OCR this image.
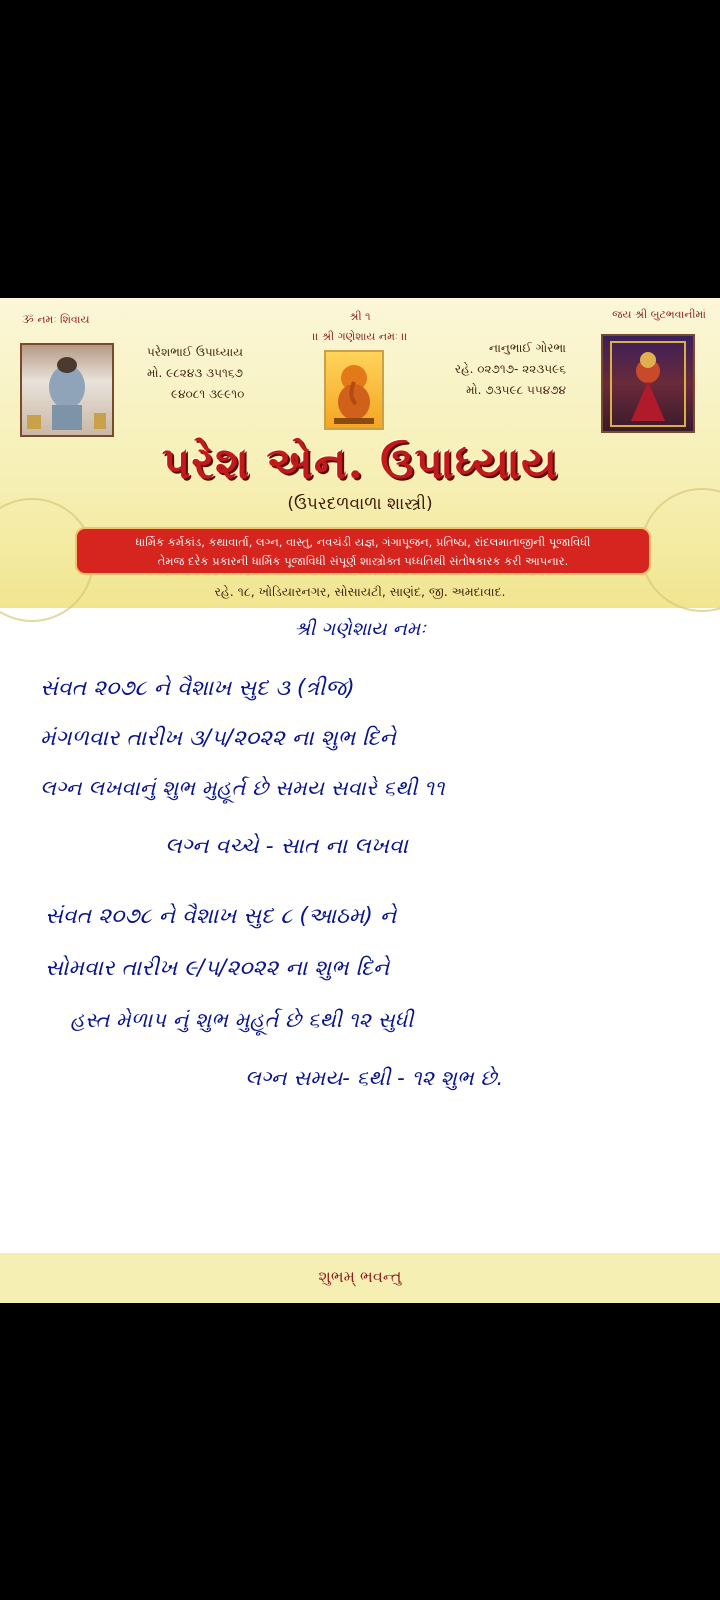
ૐ નમઃ શિવાય	શ્રી ૧
।। શ્રી ગણેશાય નમઃ ।।
જય શ્રી બુટભવાનીમાં
પરેશભાઈ ઉપાધ્યાય
મો. ૯૮૨૪૩ ૩૫૧૬૭
૯૪૦૮૧ ૩૯૯૧૦
નાનુભાઈ ગોરભા
રહે. ૦૨૭૧૭- ૨૨૩૫૯૬
મો. ૭૩૫૯૮ ૫૫૪૭૪
પરેશ એન. ઉપાધ્યાય
(ઉપરદળવાળા શાસ્ત્રી)
ધાર્મિક કર્મકાંડ, કથાવાર્તા, લગ્ન, વાસ્તુ, નવચંડી યજ્ઞ, ગંગાપૂજન, પ્રતિષ્ઠા, રાંદલમાતાજીની પૂજાવિધી
તેમજ દરેક પ્રકારની ધાર્મિક પૂજાવિધી સંપૂર્ણ શાસ્ત્રોક્ત પધ્ધતિથી સંતોષકારક કરી આપનાર.
રહે. ૧૮, ખોડિયારનગર, સોસાયટી, સાણંદ, જી. અમદાવાદ.
શ્રી ગણેશાય નમઃ
સંવત ૨૦૭૮ ને વૈશાખ સુદ ૩ (ત્રીજ)
મંગળવાર તારીખ ૩/૫/૨૦૨૨ ના શુભ દિને
લગ્ન લખવાનું શુભ મુહૂર્ત છે સમય સવારે ૬થી ૧૧
લગ્ન વચ્ચે - સાત ના લખવા
સંવત ૨૦૭૮ ને વૈશાખ સુદ ૮ (આઠમ) ને
સોમવાર તારીખ ૯/૫/૨૦૨૨ ના શુભ દિને
હસ્ત મેળાપ નું શુભ મુહૂર્ત છે ૬થી ૧૨ સુધી
લગ્ન સમય- ૬થી - ૧૨ શુભ છે.
શુભમ્ ભવન્તુ
